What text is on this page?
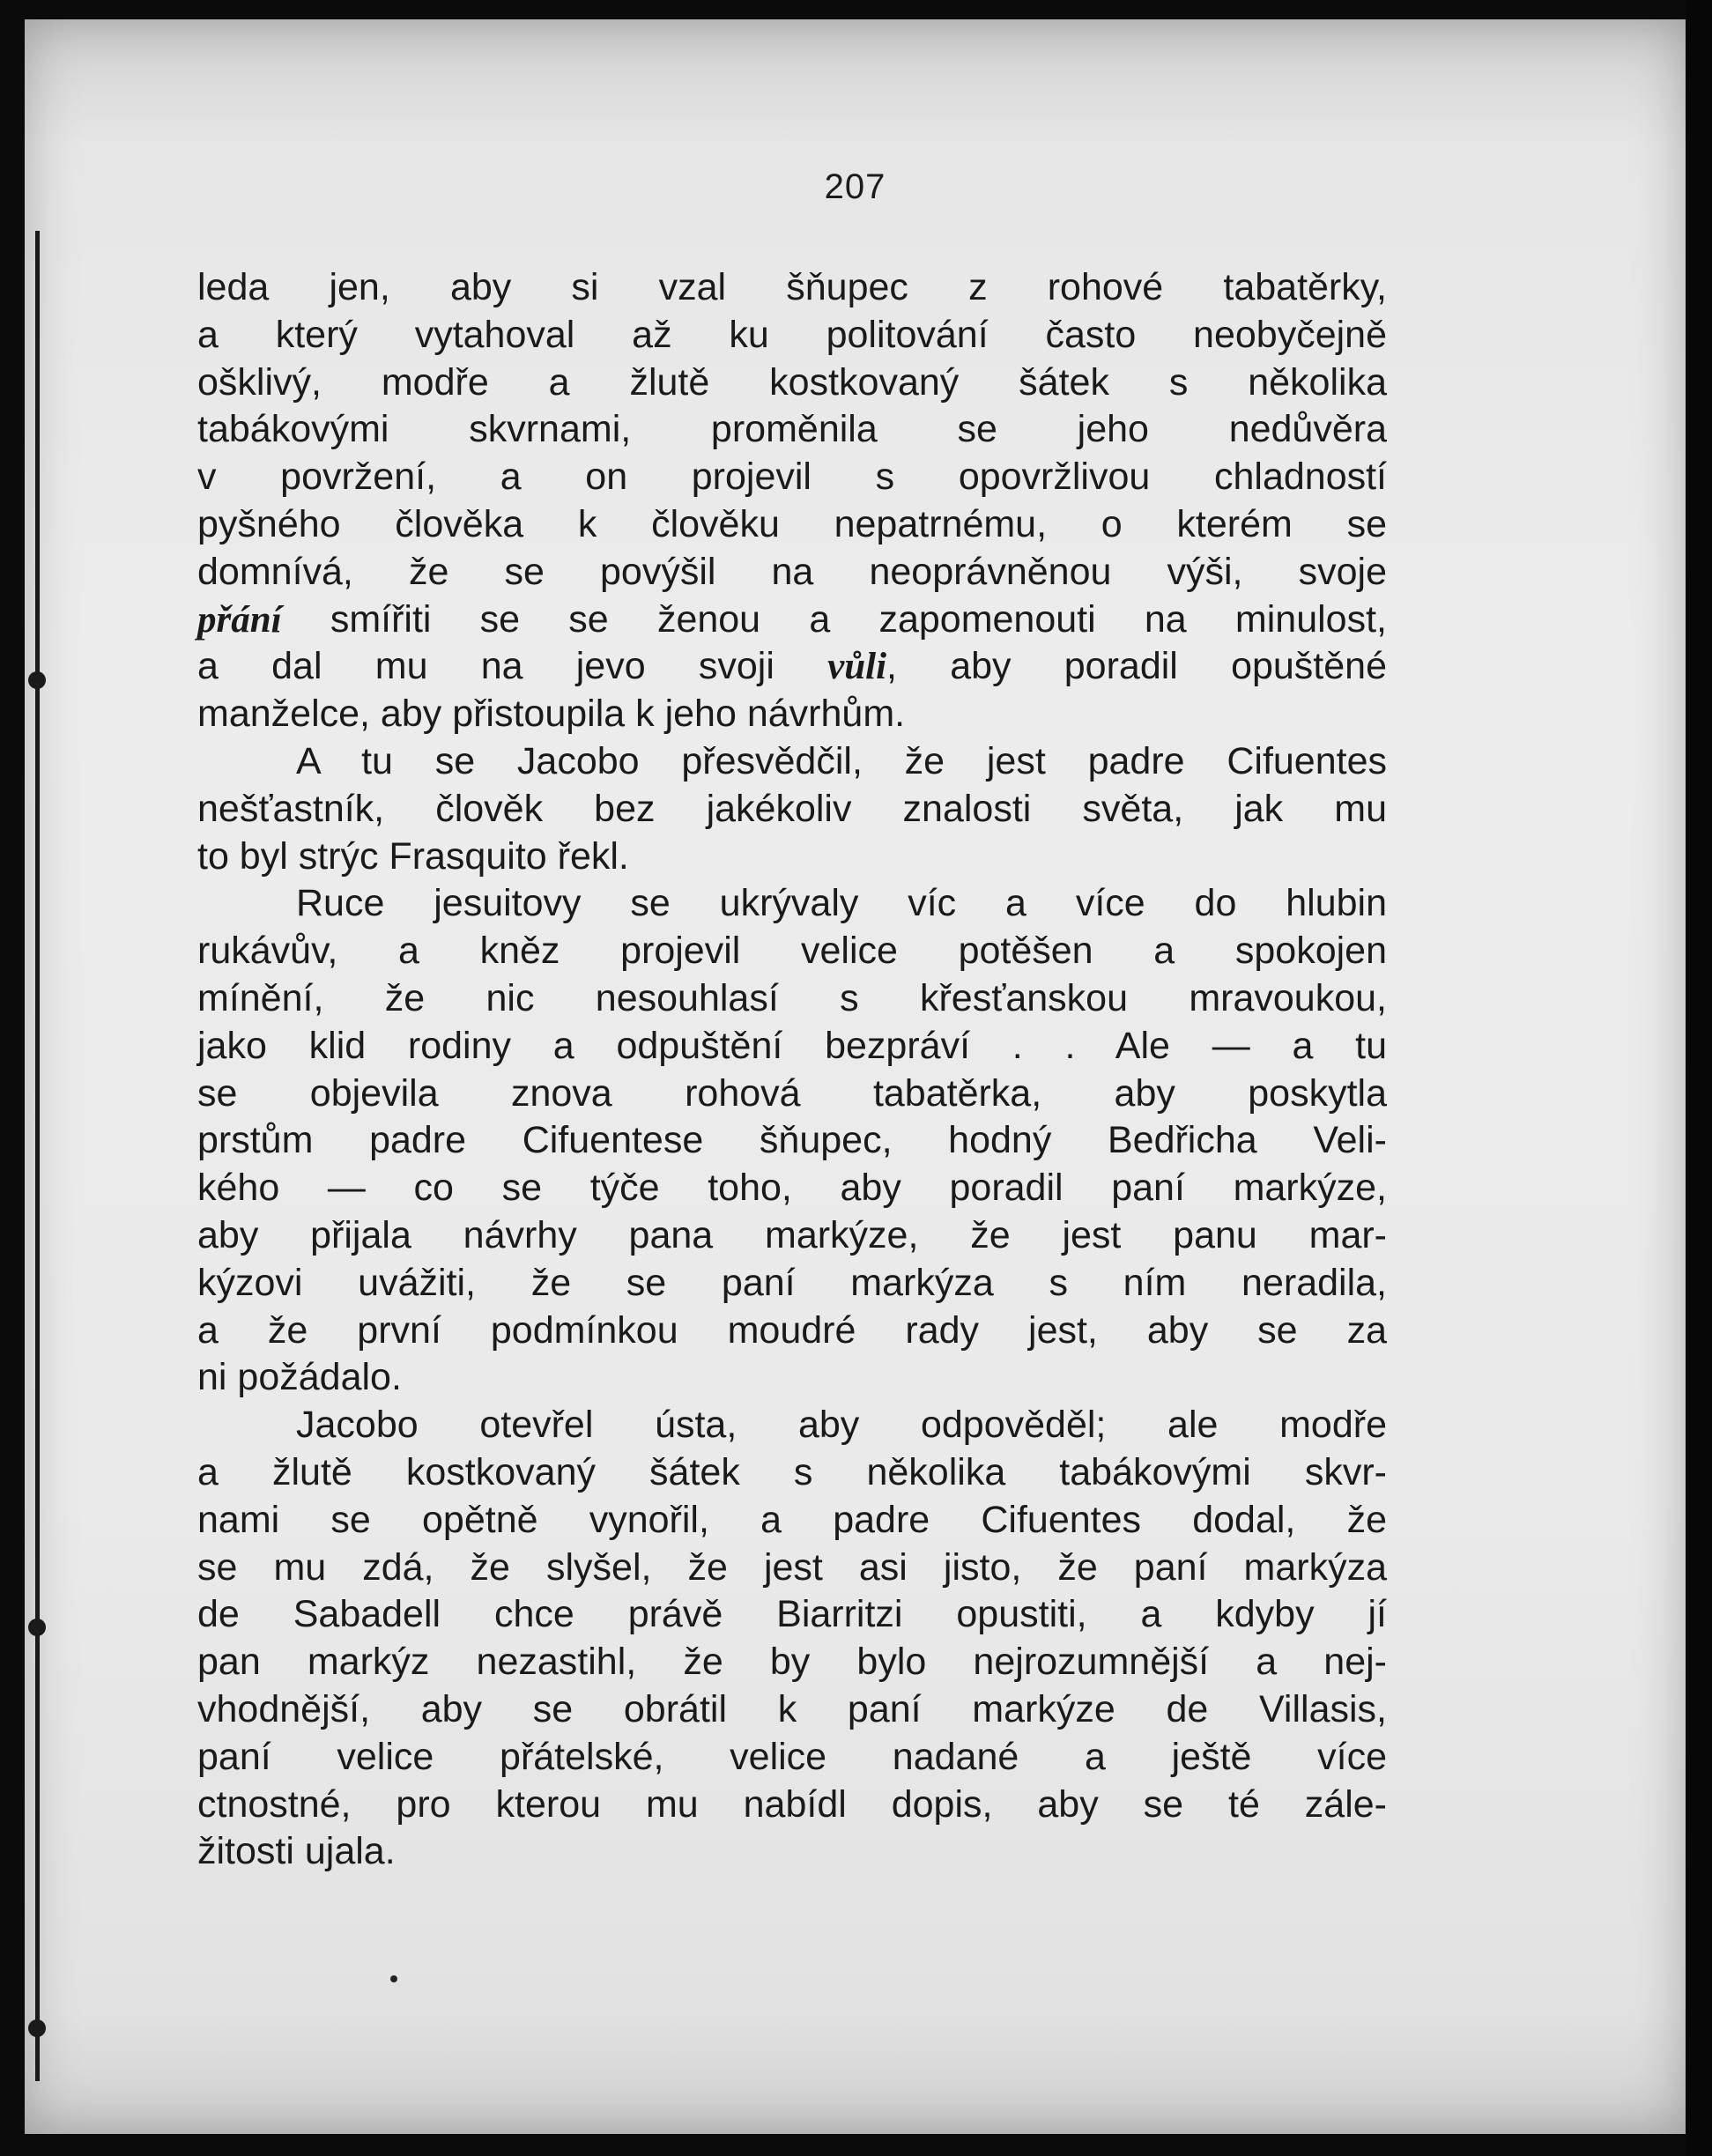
207
leda jen, aby si vzal šňupec z rohové tabatěrky,
a který vytahoval až ku politování často neobyčejně
ošklivý, modře a žlutě kostkovaný šátek s několika
tabákovými skvrnami, proměnila se jeho nedůvěra
v povržení, a on projevil s opovržlivou chladností
pyšného člověka k člověku nepatrnému, o kterém se
domnívá, že se povýšil na neoprávněnou výši, svoje
přání smířiti se se ženou a zapomenouti na minulost,
a dal mu na jevo svoji vůli, aby poradil opuštěné
manželce, aby přistoupila k jeho návrhům.
A tu se Jacobo přesvědčil, že jest padre Cifuentes
nešťastník, člověk bez jakékoliv znalosti světa, jak mu
to byl strýc Frasquito řekl.
Ruce jesuitovy se ukrývaly víc a více do hlubin
rukávův, a kněz projevil velice potěšen a spokojen
mínění, že nic nesouhlasí s křesťanskou mravoukou,
jako klid rodiny a odpuštění bezpráví . . Ale — a tu
se objevila znova rohová tabatěrka, aby poskytla
prstům padre Cifuentese šňupec, hodný Bedřicha Veli-
kého — co se týče toho, aby poradil paní markýze,
aby přijala návrhy pana markýze, že jest panu mar-
kýzovi uvážiti, že se paní markýza s ním neradila,
a že první podmínkou moudré rady jest, aby se za
ni požádalo.
Jacobo otevřel ústa, aby odpověděl; ale modře
a žlutě kostkovaný šátek s několika tabákovými skvr-
nami se opětně vynořil, a padre Cifuentes dodal, že
se mu zdá, že slyšel, že jest asi jisto, že paní markýza
de Sabadell chce právě Biarritzi opustiti, a kdyby jí
pan markýz nezastihl, že by bylo nejrozumnější a nej-
vhodnější, aby se obrátil k paní markýze de Villasis,
paní velice přátelské, velice nadané a ještě více
ctnostné, pro kterou mu nabídl dopis, aby se té zále-
žitosti ujala.
